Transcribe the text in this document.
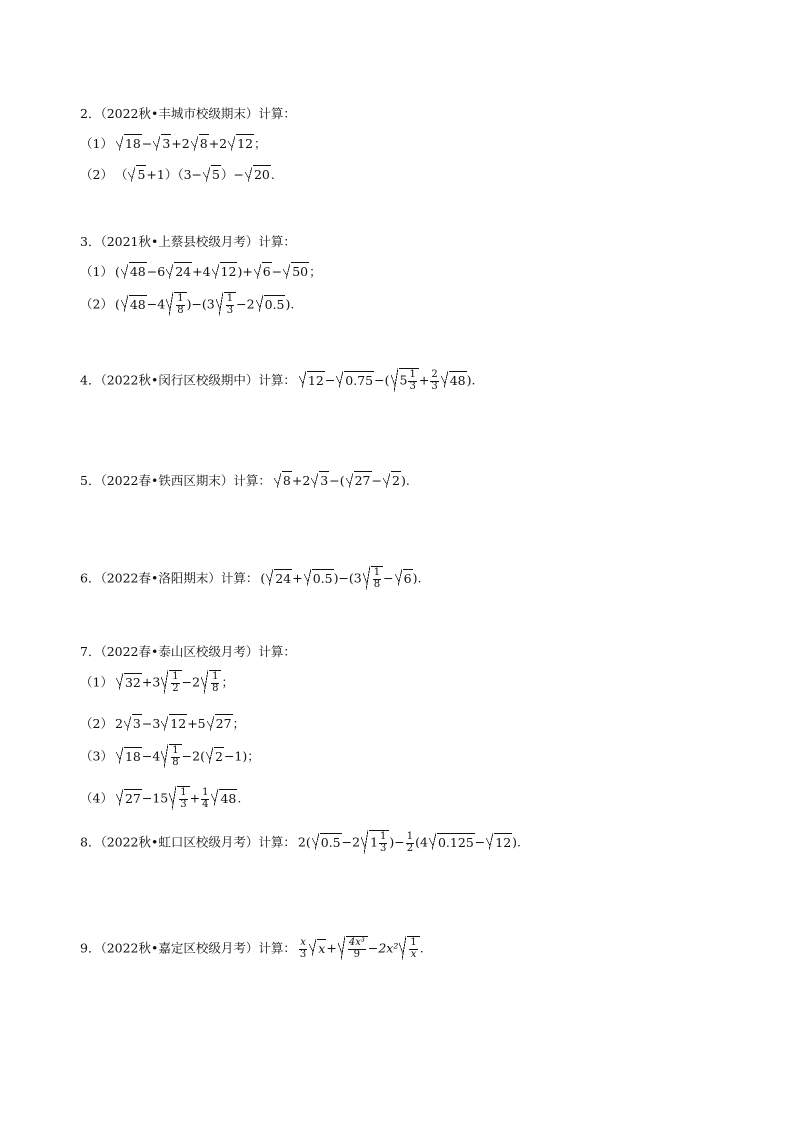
2．（2022秋•丰城市校级期末）计算：
（1） 18− 3+2 8+2 12；
（2） （ 5+1）（3− 5）− 20.
3．（2021秋•上蔡县校级月考）计算：
（1） ( 48−6 24+4 12)+ 6− 50；
（2） ( $48-4 \frac{1}{8} )-(3 \frac{1}{3} -2$ 0.5).
4．（2022秋•闵行区校级期中）计算： 12− 0.75−( $5 \frac{1}{3} + \frac{2}{3} 48$).
5．（2022春•铁西区期末）计算： 8+2 3−( 27− 2).
6．（2022春•洛阳期末）计算： ( $24+ 0.5)-(3 \frac{1}{8} - 6)$.
7．（2022春•泰山区校级月考）计算：
（1） $32+3 \frac{1}{2} -2 \frac{1}{8}$ ；
（2） 2 3−3 12+5 27；
（3） $18-4 \frac{1}{8} -2$( 2−1)；
（4） $27-15 \frac{1}{3} + \frac{1}{4} 48$.
8．（2022秋•虹口区校级月考）计算： 2( 0.5−2 $1 \frac{1}{3}$ )− $\frac{1}{2} (4$ 0.125− 12).
9．（2022秋•嘉定区校级月考）计算： $\frac{x}{3} x+ \frac{\text{4x³}}{9} -2x^2 \frac{1}{x}$ .
